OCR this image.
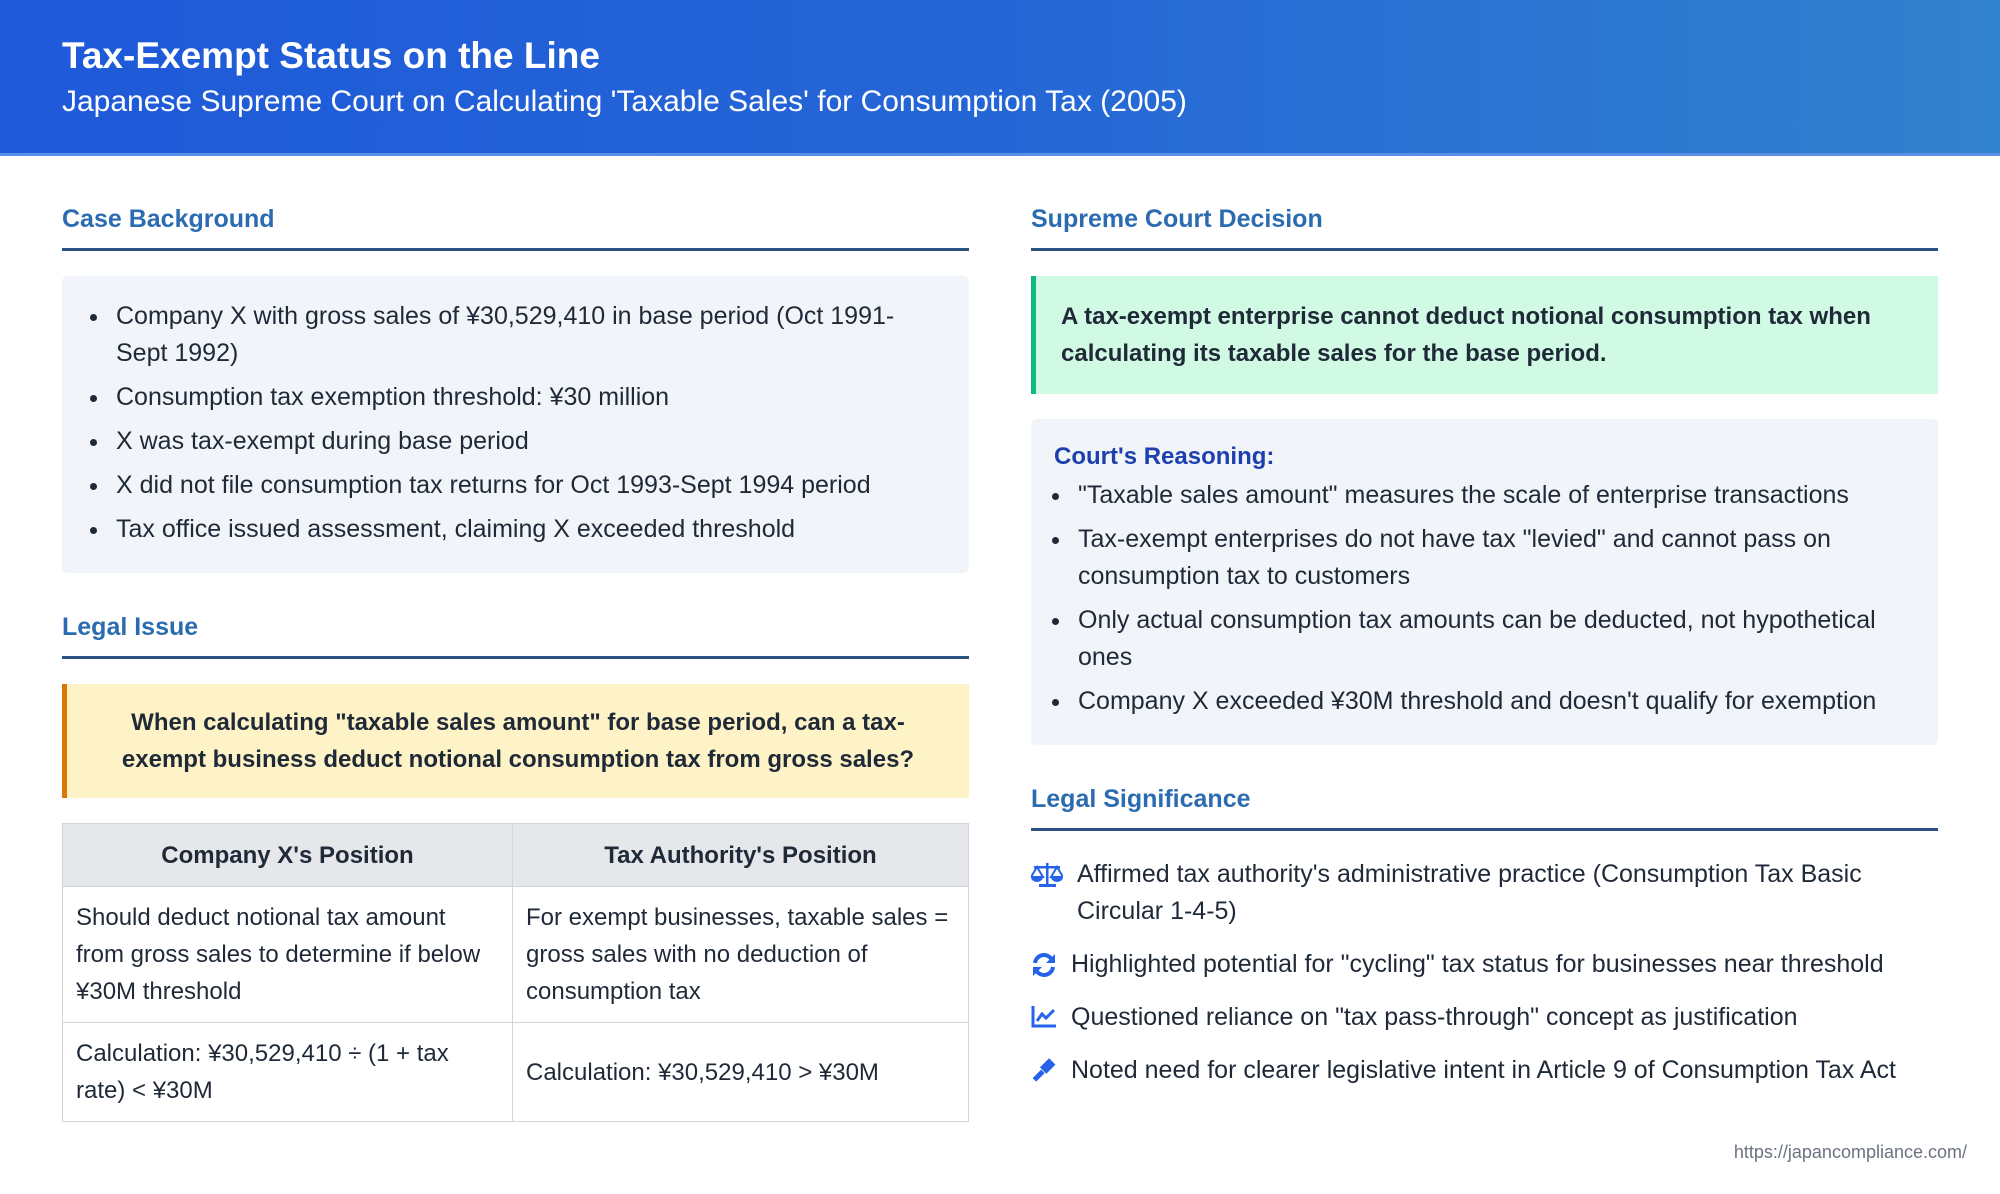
Tax-Exempt Status on the Line
Japanese Supreme Court on Calculating 'Taxable Sales' for Consumption Tax (2005)
Case Background
Company X with gross sales of ¥30,529,410 in base period (Oct 1991-Sept 1992)
Consumption tax exemption threshold: ¥30 million
X was tax-exempt during base period
X did not file consumption tax returns for Oct 1993-Sept 1994 period
Tax office issued assessment, claiming X exceeded threshold
Legal Issue
When calculating "taxable sales amount" for base period, can a tax-exempt business deduct notional consumption tax from gross sales?
Company X's Position	Tax Authority's Position
Should deduct notional tax amount from gross sales to determine if below ¥30M threshold	For exempt businesses, taxable sales = gross sales with no deduction of consumption tax
Calculation: ¥30,529,410 ÷ (1 + tax rate) < ¥30M	Calculation: ¥30,529,410 > ¥30M
Supreme Court Decision
A tax-exempt enterprise cannot deduct notional consumption tax when calculating its taxable sales for the base period.
Court's Reasoning:
"Taxable sales amount" measures the scale of enterprise transactions
Tax-exempt enterprises do not have tax "levied" and cannot pass on consumption tax to customers
Only actual consumption tax amounts can be deducted, not hypothetical ones
Company X exceeded ¥30M threshold and doesn't qualify for exemption
Legal Significance
Affirmed tax authority's administrative practice (Consumption Tax Basic Circular 1-4-5)
Highlighted potential for "cycling" tax status for businesses near threshold
Questioned reliance on "tax pass-through" concept as justification
Noted need for clearer legislative intent in Article 9 of Consumption Tax Act
https://japancompliance.com/
